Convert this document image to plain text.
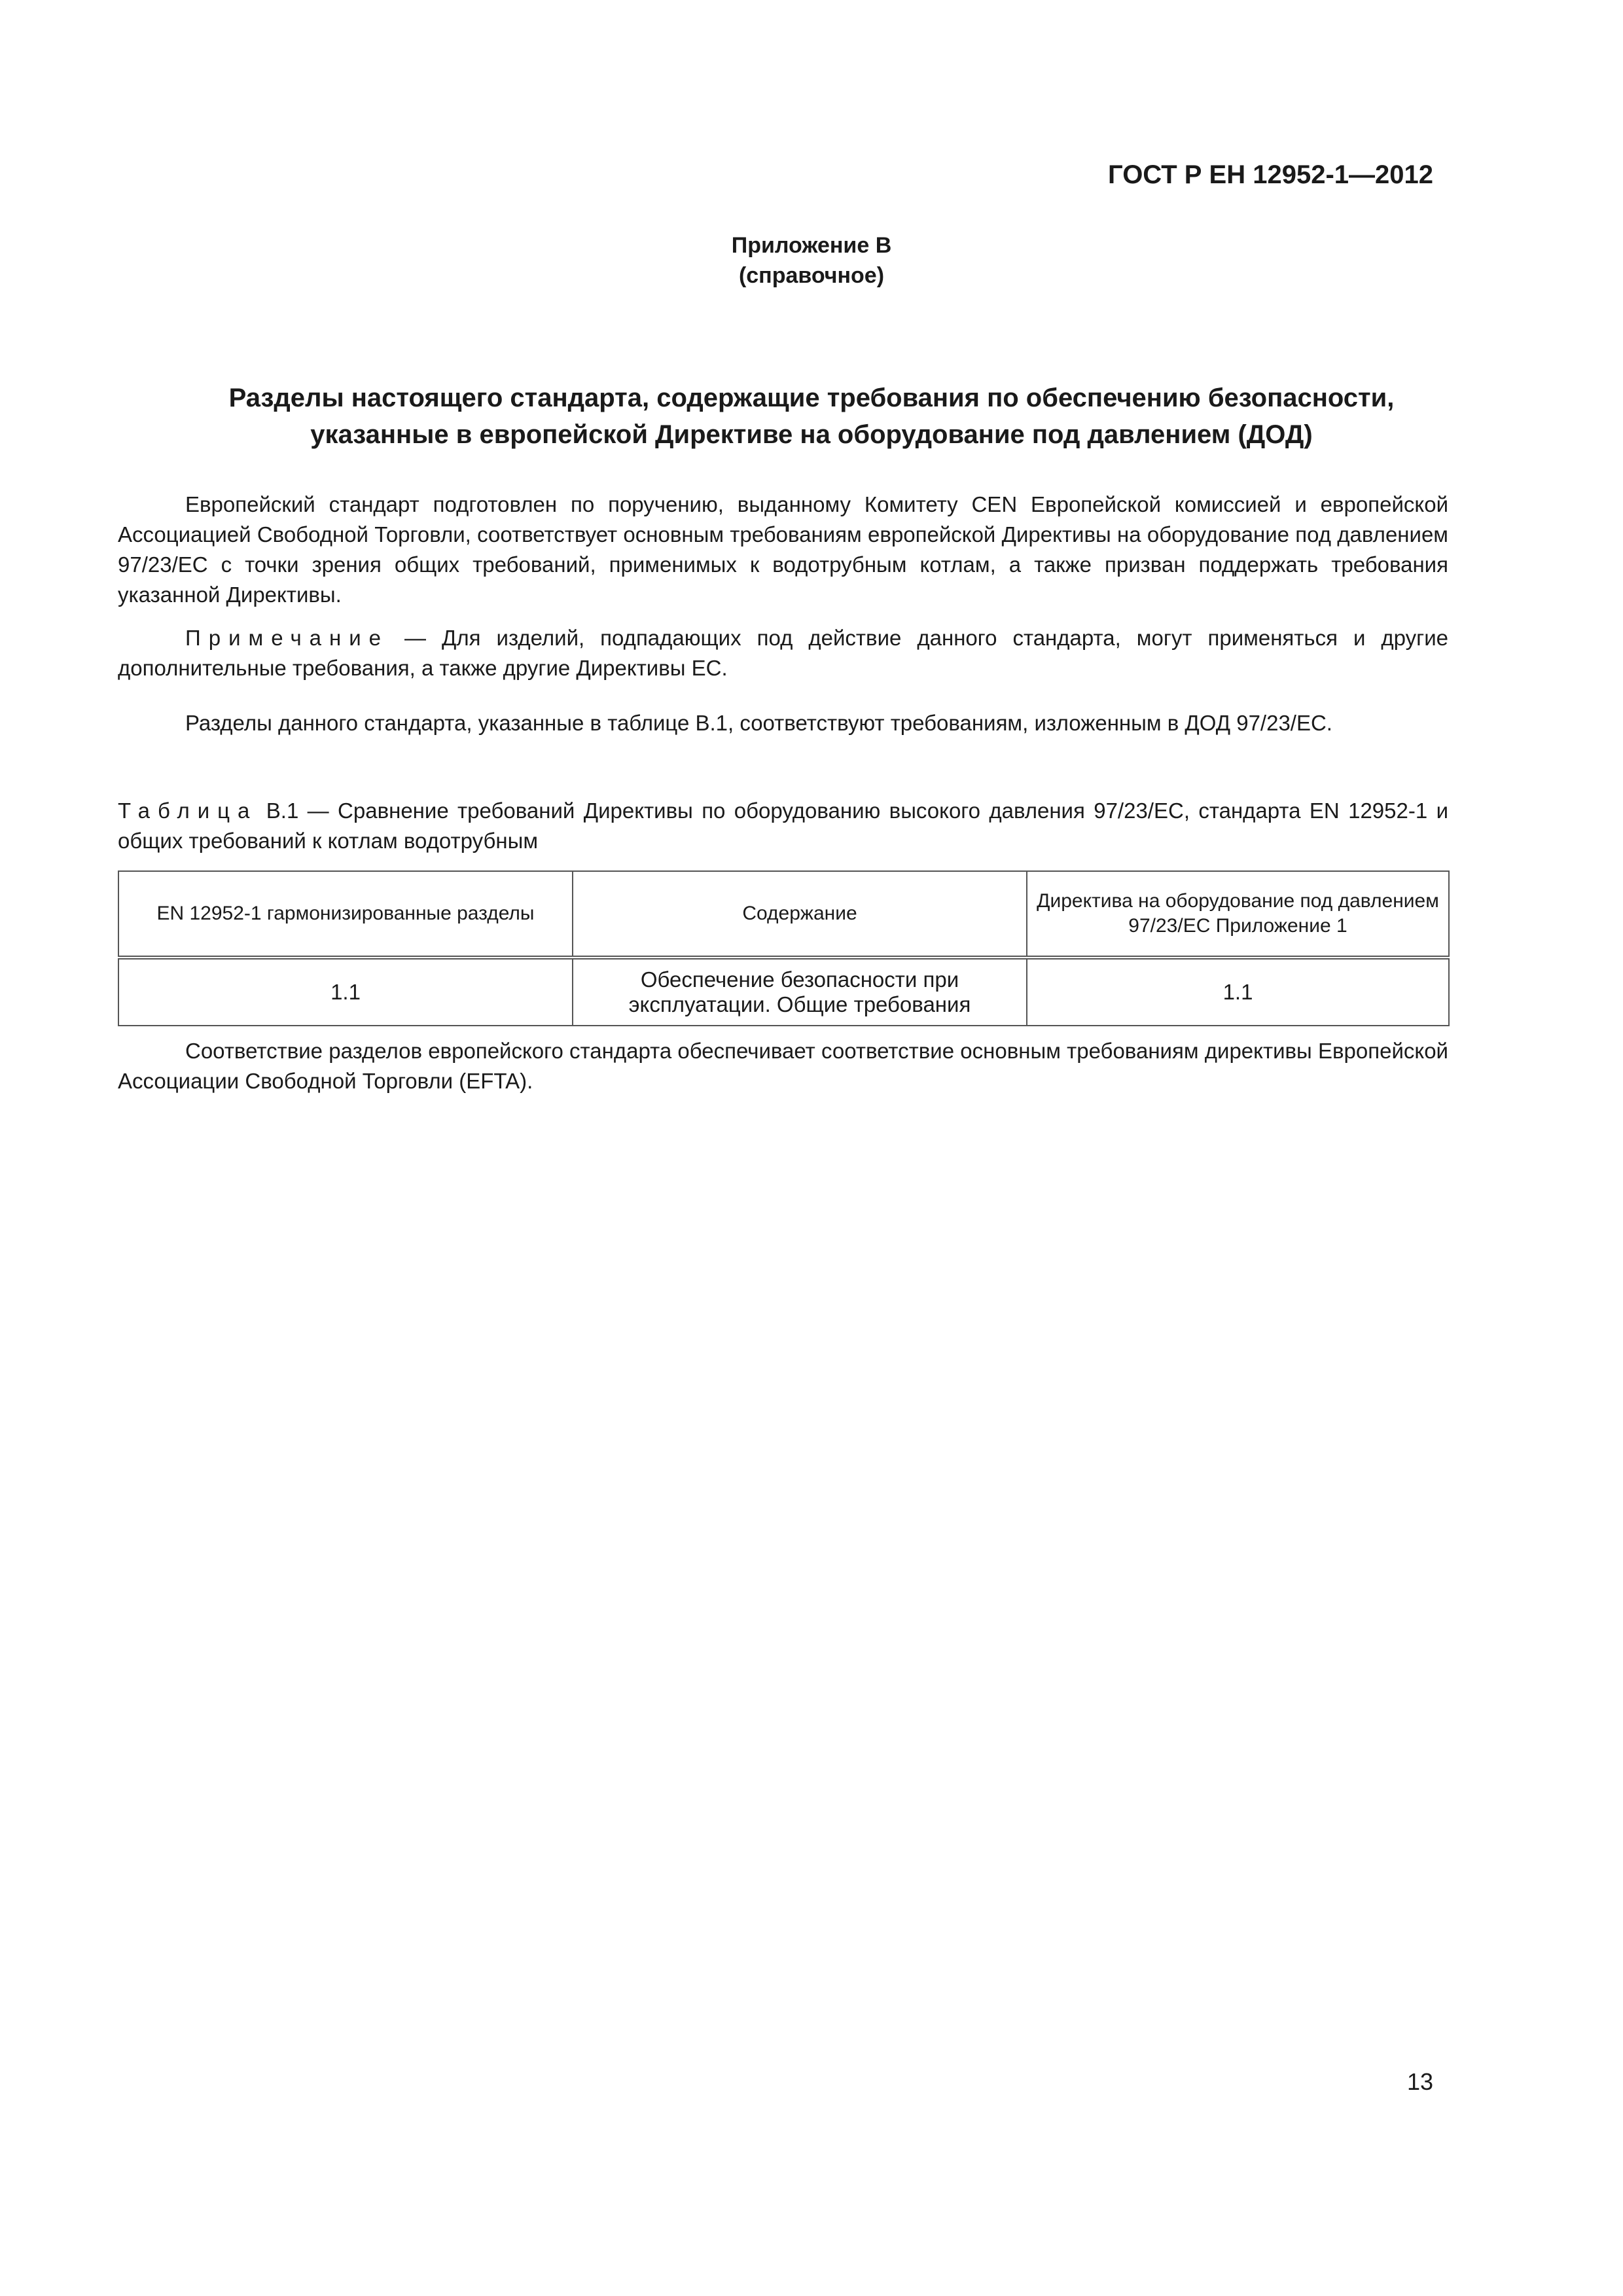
ГОСТ Р ЕН 12952-1—2012
Приложение В
(справочное)
Разделы настоящего стандарта, содержащие требования по обеспечению безопасности,
указанные в европейской Директиве на оборудование под давлением (ДОД)

Европейский стандарт подготовлен по поручению, выданному Комитету CEN Европейской комиссией и европейской Ассоциацией Свободной Торговли, соответствует основным требованиям европейской Директивы на оборудование под давлением 97/23/ЕС с точки зрения общих требований, применимых к водотрубным котлам, а также призван поддержать требования указанной Директивы.

Примечание — Для изделий, подпадающих под действие данного стандарта, могут применяться и другие дополнительные требования, а также другие Директивы ЕС.

Разделы данного стандарта, указанные в таблице В.1, соответствуют требованиям, изложенным в ДОД 97/23/ЕС.

Таблица В.1 — Сравнение требований Директивы по оборудованию высокого давления 97/23/ЕС, стандарта EN 12952-1 и общих требований к котлам водотрубным

EN 12952-1 гармонизированные разделы	Содержание	Директива на оборудование под давлением 97/23/ЕС Приложение 1
1.1	Обеспечение безопасности при эксплуатации. Общие требования	1.1

Соответствие разделов европейского стандарта обеспечивает соответствие основным требованиям директивы Европейской Ассоциации Свободной Торговли (EFTA).

13
